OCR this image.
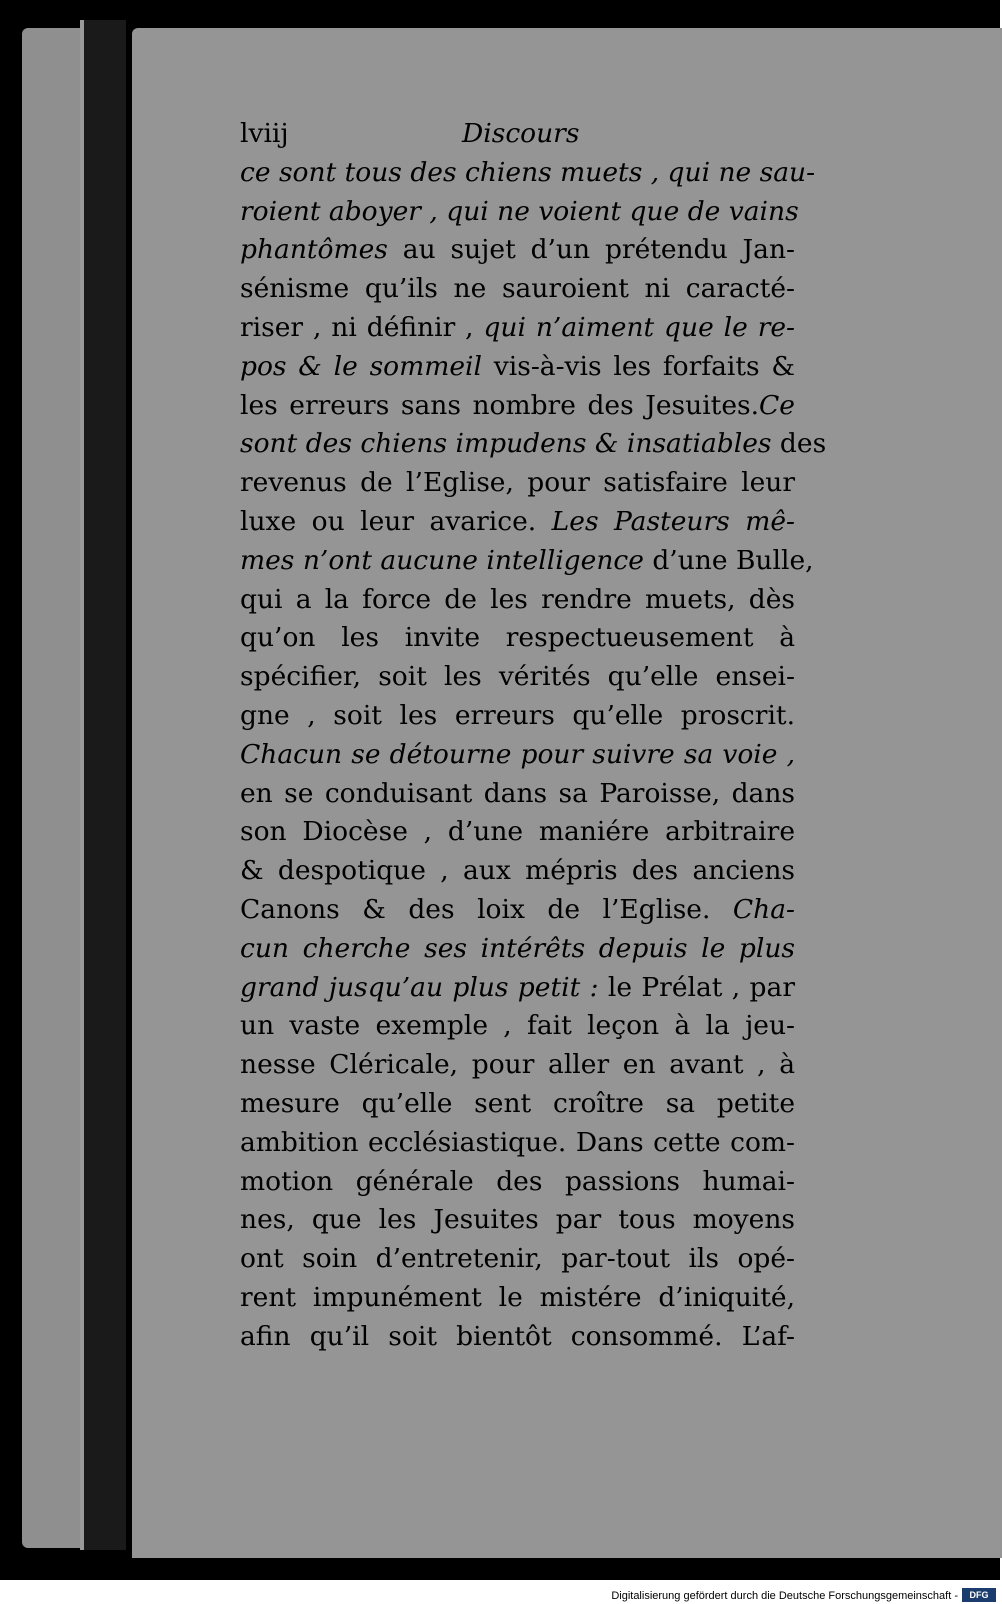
lviij	Discours
ce sont tous des chiens muets , qui ne sau-
roient aboyer , qui ne voient que de vains
phantômes au sujet d’un prétendu Jan-
sénisme qu’ils ne sauroient ni caracté-
riser , ni définir , qui n’aiment que le re-
pos & le sommeil vis-à-vis les forfaits &
les erreurs sans nombre des Jesuites.Ce
sont des chiens impudens & insatiables des
revenus de l’Eglise, pour satisfaire leur
luxe ou leur avarice. Les Pasteurs mê-
mes n’ont aucune intelligence d’une Bulle,
qui a la force de les rendre muets, dès
qu’on les invite respectueusement à
spécifier, soit les vérités qu’elle ensei-
gne , soit les erreurs qu’elle proscrit.
Chacun se détourne pour suivre sa voie ,
en se conduisant dans sa Paroisse, dans
son Diocèse , d’une maniére arbitraire
& despotique , aux mépris des anciens
Canons & des loix de l’Eglise. Cha-
cun cherche ses intérêts depuis le plus
grand jusqu’au plus petit : le Prélat , par
un vaste exemple , fait leçon à la jeu-
nesse Cléricale, pour aller en avant , à
mesure qu’elle sent croître sa petite
ambition ecclésiastique. Dans cette com-
motion générale des passions humai-
nes, que les Jesuites par tous moyens
ont soin d’entretenir, par-tout ils opé-
rent impunément le mistére d’iniquité,
afin qu’il soit bientôt consommé. L’af-
Digitalisierung gefördert durch die Deutsche Forschungsgemeinschaft -	DFG
